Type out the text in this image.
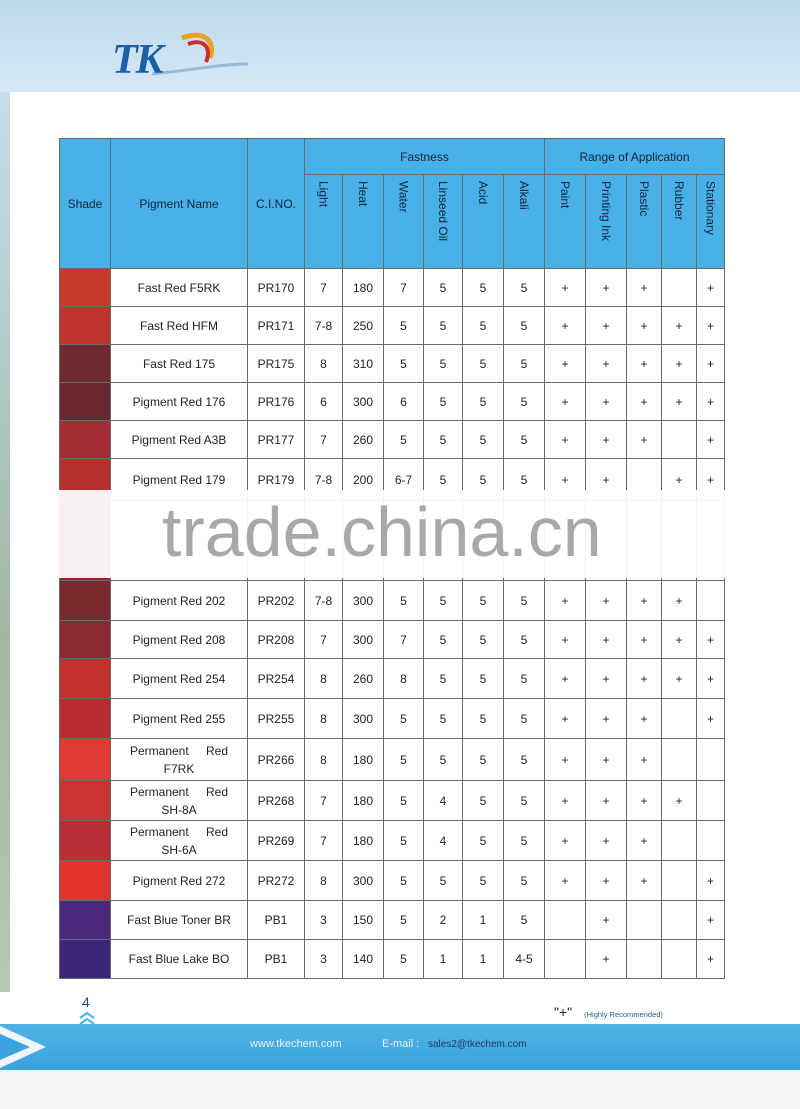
TK
Shade	Pigment Name	C.I.NO.	Fastness						Range of Application				
			Light	Heat	Water	Linseed Oil	Acid	Alkali	Paint	Printing Ink	Plastic	Rubber	Stationary
	Fast Red F5RK	PR170	7	180	7	5	5	5	+	+	+		+
	Fast Red HFM	PR171	7-8	250	5	5	5	5	+	+	+	+	+
	Fast Red 175	PR175	8	310	5	5	5	5	+	+	+	+	+
	Pigment Red 176	PR176	6	300	6	5	5	5	+	+	+	+	+
	Pigment Red A3B	PR177	7	260	5	5	5	5	+	+	+		+
	Pigment Red 179	PR179	7-8	200	6-7	5	5	5	+	+		+	+

	Pigment Red 202	PR202	7-8	300	5	5	5	5	+	+	+	+	
	Pigment Red 208	PR208	7	300	7	5	5	5	+	+	+	+	+
	Pigment Red 254	PR254	8	260	8	5	5	5	+	+	+	+	+
	Pigment Red 255	PR255	8	300	5	5	5	5	+	+	+		+
	Permanent Red F7RK	PR266	8	180	5	5	5	5	+	+	+		
	Permanent Red SH-8A	PR268	7	180	5	4	5	5	+	+	+	+	
	Permanent Red SH-6A	PR269	7	180	5	4	5	5	+	+	+		
	Pigment Red 272	PR272	8	300	5	5	5	5	+	+	+		+
	Fast Blue Toner BR	PB1	3	150	5	2	1	5		+			+
	Fast Blue Lake BO	PB1	3	140	5	1	1	4-5		+			+
trade.china.cn
4
"+" (Highly Recommended)
www.tkechem.com	E-mail : sales2@tkechem.com
